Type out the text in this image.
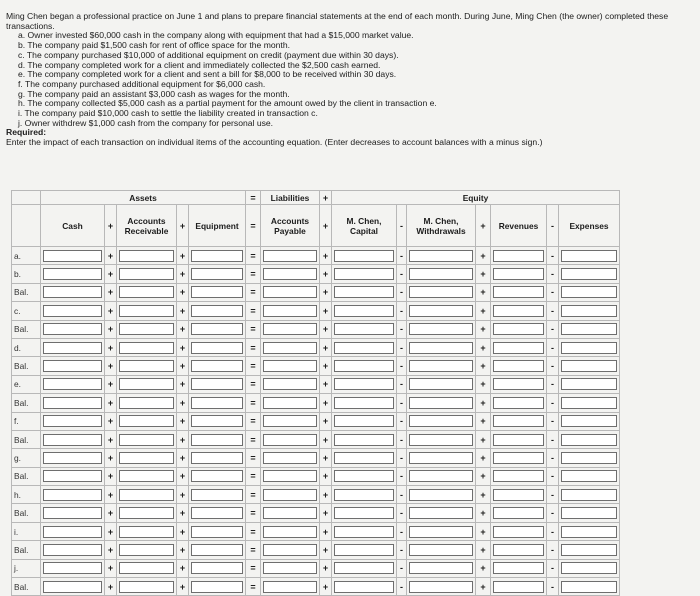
Ming Chen began a professional practice on June 1 and plans to prepare financial statements at the end of each month. During June, Ming Chen (the owner) completed these transactions.
a. Owner invested $60,000 cash in the company along with equipment that had a $15,000 market value.
b. The company paid $1,500 cash for rent of office space for the month.
c. The company purchased $10,000 of additional equipment on credit (payment due within 30 days).
d. The company completed work for a client and immediately collected the $2,500 cash earned.
e. The company completed work for a client and sent a bill for $8,000 to be received within 30 days.
f. The company purchased additional equipment for $6,000 cash.
g. The company paid an assistant $3,000 cash as wages for the month.
h. The company collected $5,000 cash as a partial payment for the amount owed by the client in transaction e.
i. The company paid $10,000 cash to settle the liability created in transaction c.
j. Owner withdrew $1,000 cash from the company for personal use.
Required:
Enter the impact of each transaction on individual items of the accounting equation. (Enter decreases to account balances with a minus sign.)
	Assets					=	Liabilities	+	Equity						
	Cash	+	Accounts Receivable	+	Equipment	=	Accounts Payable	+	M. Chen, Capital	-	M. Chen, Withdrawals	+	Revenues	-	Expenses
a.		+		+		=		+		-		+		-	

b.		+		+		=		+		-		+		-	

Bal.		+		+		=		+		-		+		-	

c.		+		+		=		+		-		+		-	

Bal.		+		+		=		+		-		+		-	

d.		+		+		=		+		-		+		-	

Bal.		+		+		=		+		-		+		-	

e.		+		+		=		+		-		+		-	

Bal.		+		+		=		+		-		+		-	

f.		+		+		=		+		-		+		-	

Bal.		+		+		=		+		-		+		-	

g.		+		+		=		+		-		+		-	

Bal.		+		+		=		+		-		+		-	

h.		+		+		=		+		-		+		-	

Bal.		+		+		=		+		-		+		-	

i.		+		+		=		+		-		+		-	

Bal.		+		+		=		+		-		+		-	

j.		+		+		=		+		-		+		-	

Bal.		+		+		=		+		-		+		-	
